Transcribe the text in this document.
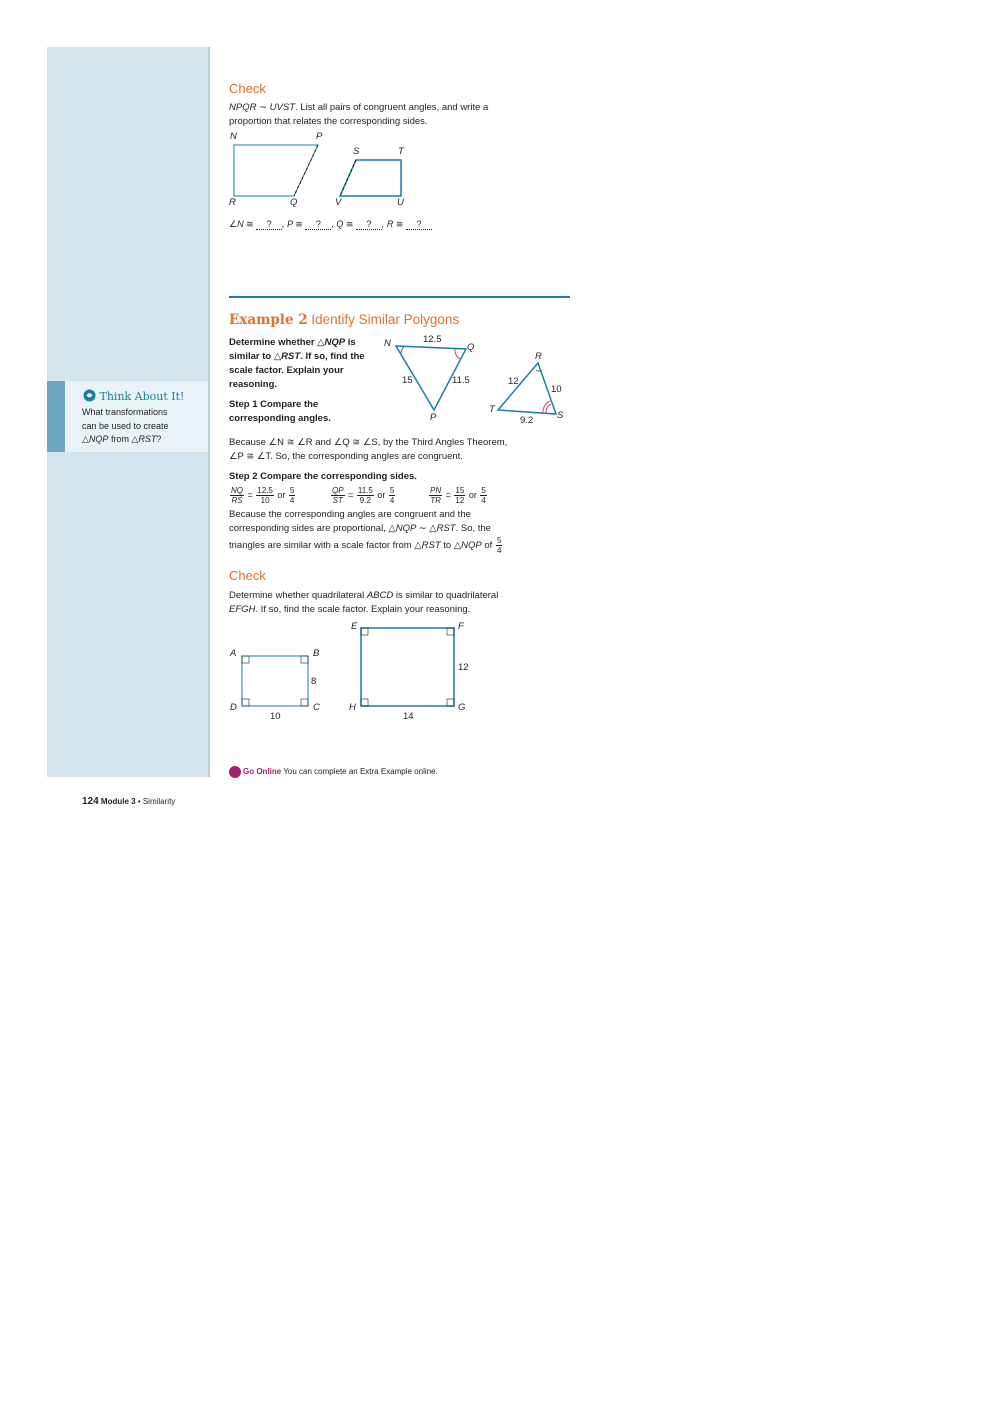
Think About It!
What transformations
can be used to create
△NQP from △RST?
Check
NPQR ∼ UVST. List all pairs of congruent angles, and write a
proportion that relates the corresponding sides.
N	P
R	Q
S	T
V	U
∠N ≅ ? , P ≅ ? , Q ≅ ? , R ≅ ?
Example 2 Identify Similar Polygons
Determine whether △NQP is
similar to △RST. If so, find the
scale factor. Explain your
reasoning.
Step 1 Compare the
corresponding angles.
N	Q
P
12.5
15	11.5
R
S
T
12
10
9.2
Because ∠N ≅ ∠R and ∠Q ≅ ∠S, by the Third Angles Theorem,
∠P ≅ ∠T. So, the corresponding angles are congruent.
Step 2 Compare the corresponding sides.
$\frac{NQ}{RS} = \frac{12.5}{10}$ or $\frac{5}{4}$	$\frac{QP}{ST} = \frac{11.5}{9.2}$ or $\frac{5}{4}$	$\frac{PN}{TR} = \frac{15}{12}$ or $\frac{5}{4}$
Because the corresponding angles are congruent and the
corresponding sides are proportional, △NQP ∼ △RST. So, the
triangles are similar with a scale factor from △RST to △NQP of $\frac{5}{4}$
Check
Determine whether quadrilateral ABCD is similar to quadrilateral
EFGH. If so, find the scale factor. Explain your reasoning.
A	B
C
D
8
10
E	F
G
H
12
14
Go Online You can complete an Extra Example online.
124 Module 3 • Similarity
